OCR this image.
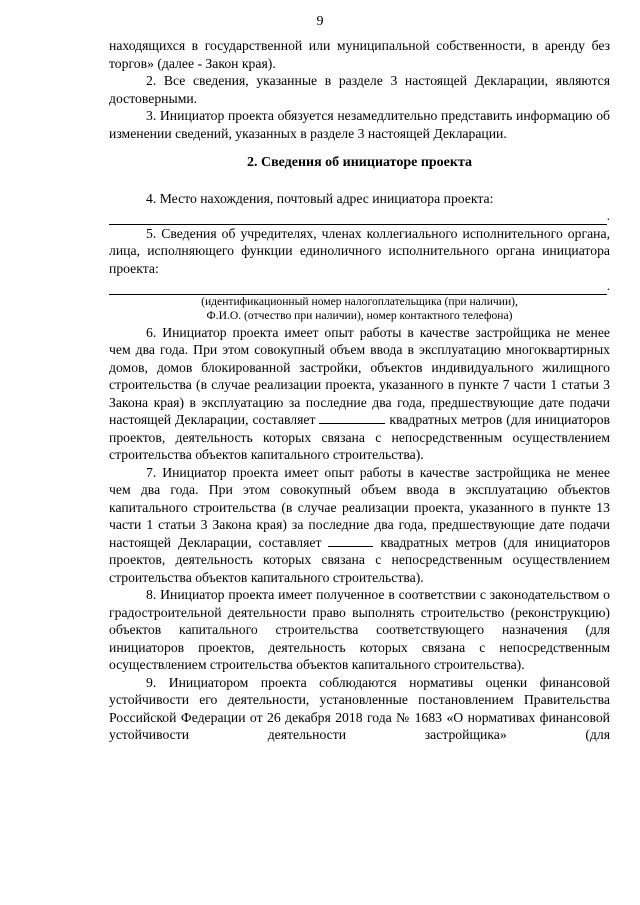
9

находящихся в государственной или муниципальной собственности, в аренду без торгов» (далее - Закон края).

2. Все сведения, указанные в разделе 3 настоящей Декларации, являются достоверными.

3. Инициатор проекта обязуется незамедлительно представить информацию об изменении сведений, указанных в разделе 3 настоящей Декларации.

2. Сведения об инициаторе проекта

4. Место нахождения, почтовый адрес инициатора проекта:

.

5. Сведения об учредителях, членах коллегиального исполнительного органа, лица, исполняющего функции единоличного исполнительного органа инициатора проекта:

.
(идентификационный номер налогоплательщика (при наличии),
Ф.И.О. (отчество при наличии), номер контактного телефона)

6. Инициатор проекта имеет опыт работы в качестве застройщика не менее чем два года. При этом совокупный объем ввода в эксплуатацию многоквартирных домов, домов блокированной застройки, объектов индивидуального жилищного строительства (в случае реализации проекта, указанного в пункте 7 части 1 статьи 3 Закона края) в эксплуатацию за последние два года, предшествующие дате подачи настоящей Декларации, составляет	квадратных метров (для инициаторов проектов, деятельность которых связана с непосредственным осуществлением строительства объектов капитального строительства).

7. Инициатор проекта имеет опыт работы в качестве застройщика не менее чем два года. При этом совокупный объем ввода в эксплуатацию объектов капитального строительства (в случае реализации проекта, указанного в пункте 13 части 1 статьи 3 Закона края) за последние два года, предшествующие дате подачи настоящей Декларации, составляет	квадратных метров (для инициаторов проектов, деятельность которых связана с непосредственным осуществлением строительства объектов капитального строительства).

8. Инициатор проекта имеет полученное в соответствии с законодательством о градостроительной деятельности право выполнять строительство (реконструкцию) объектов капитального строительства соответствующего назначения (для инициаторов проектов, деятельность которых связана с непосредственным осуществлением строительства объектов капитального строительства).

9. Инициатором проекта соблюдаются нормативы оценки финансовой устойчивости его деятельности, установленные постановлением Правительства Российской Федерации от 26 декабря 2018 года № 1683 «О нормативах финансовой устойчивости деятельности застройщика» (для
